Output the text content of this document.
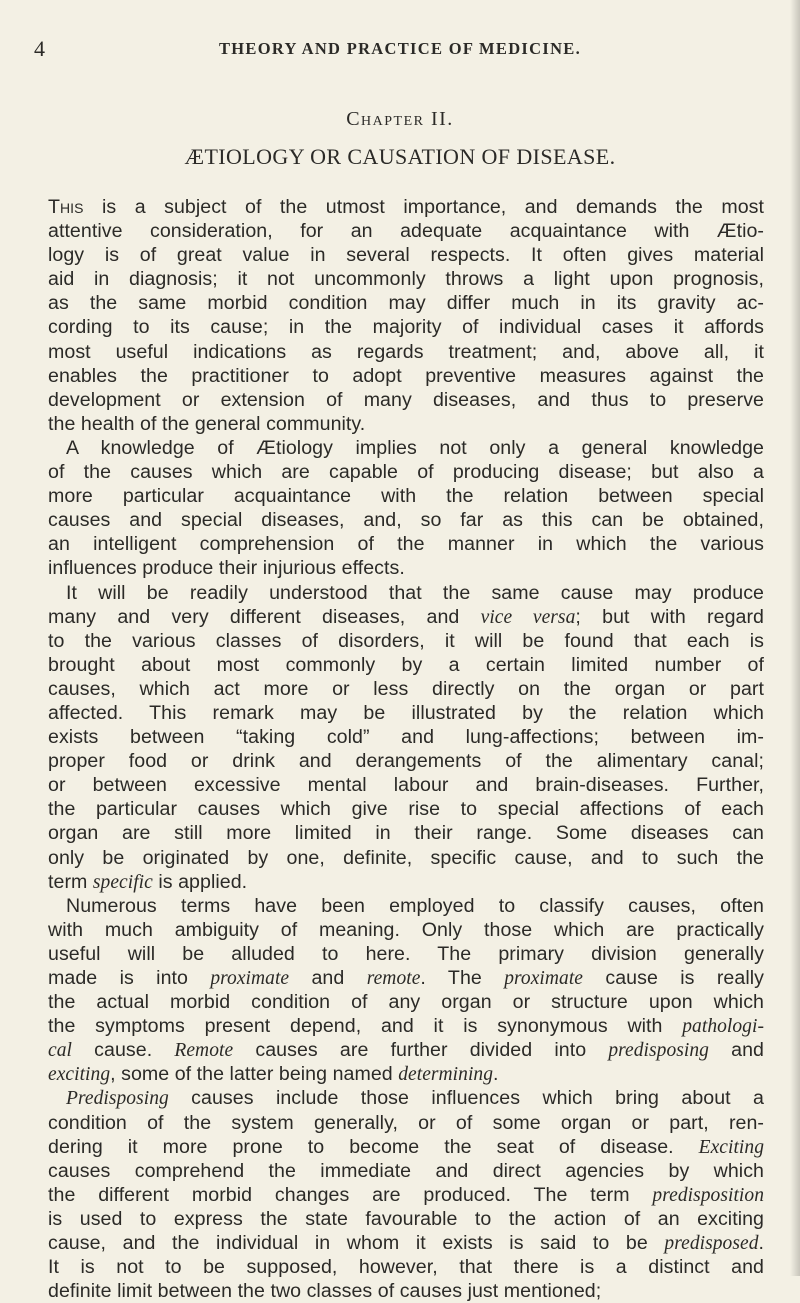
4	THEORY AND PRACTICE OF MEDICINE.
Chapter II.
ÆTIOLOGY OR CAUSATION OF DISEASE.
This is a subject of the utmost importance, and demands the most
attentive consideration, for an adequate acquaintance with Ætio-
logy is of great value in several respects. It often gives material
aid in diagnosis; it not uncommonly throws a light upon prognosis,
as the same morbid condition may differ much in its gravity ac-
cording to its cause; in the majority of individual cases it affords
most useful indications as regards treatment; and, above all, it
enables the practitioner to adopt preventive measures against the
development or extension of many diseases, and thus to preserve
the health of the general community.
A knowledge of Ætiology implies not only a general knowledge
of the causes which are capable of producing disease; but also a
more particular acquaintance with the relation between special
causes and special diseases, and, so far as this can be obtained,
an intelligent comprehension of the manner in which the various
influences produce their injurious effects.
It will be readily understood that the same cause may produce
many and very different diseases, and vice versa; but with regard
to the various classes of disorders, it will be found that each is
brought about most commonly by a certain limited number of
causes, which act more or less directly on the organ or part
affected. This remark may be illustrated by the relation which
exists between “taking cold” and lung-affections; between im-
proper food or drink and derangements of the alimentary canal;
or between excessive mental labour and brain-diseases. Further,
the particular causes which give rise to special affections of each
organ are still more limited in their range. Some diseases can
only be originated by one, definite, specific cause, and to such the
term specific is applied.
Numerous terms have been employed to classify causes, often
with much ambiguity of meaning. Only those which are practically
useful will be alluded to here. The primary division generally
made is into proximate and remote. The proximate cause is really
the actual morbid condition of any organ or structure upon which
the symptoms present depend, and it is synonymous with pathologi-
cal cause. Remote causes are further divided into predisposing and
exciting, some of the latter being named determining.
Predisposing causes include those influences which bring about a
condition of the system generally, or of some organ or part, ren-
dering it more prone to become the seat of disease. Exciting
causes comprehend the immediate and direct agencies by which
the different morbid changes are produced. The term predisposition
is used to express the state favourable to the action of an exciting
cause, and the individual in whom it exists is said to be predisposed.
It is not to be supposed, however, that there is a distinct and
definite limit between the two classes of causes just mentioned;
